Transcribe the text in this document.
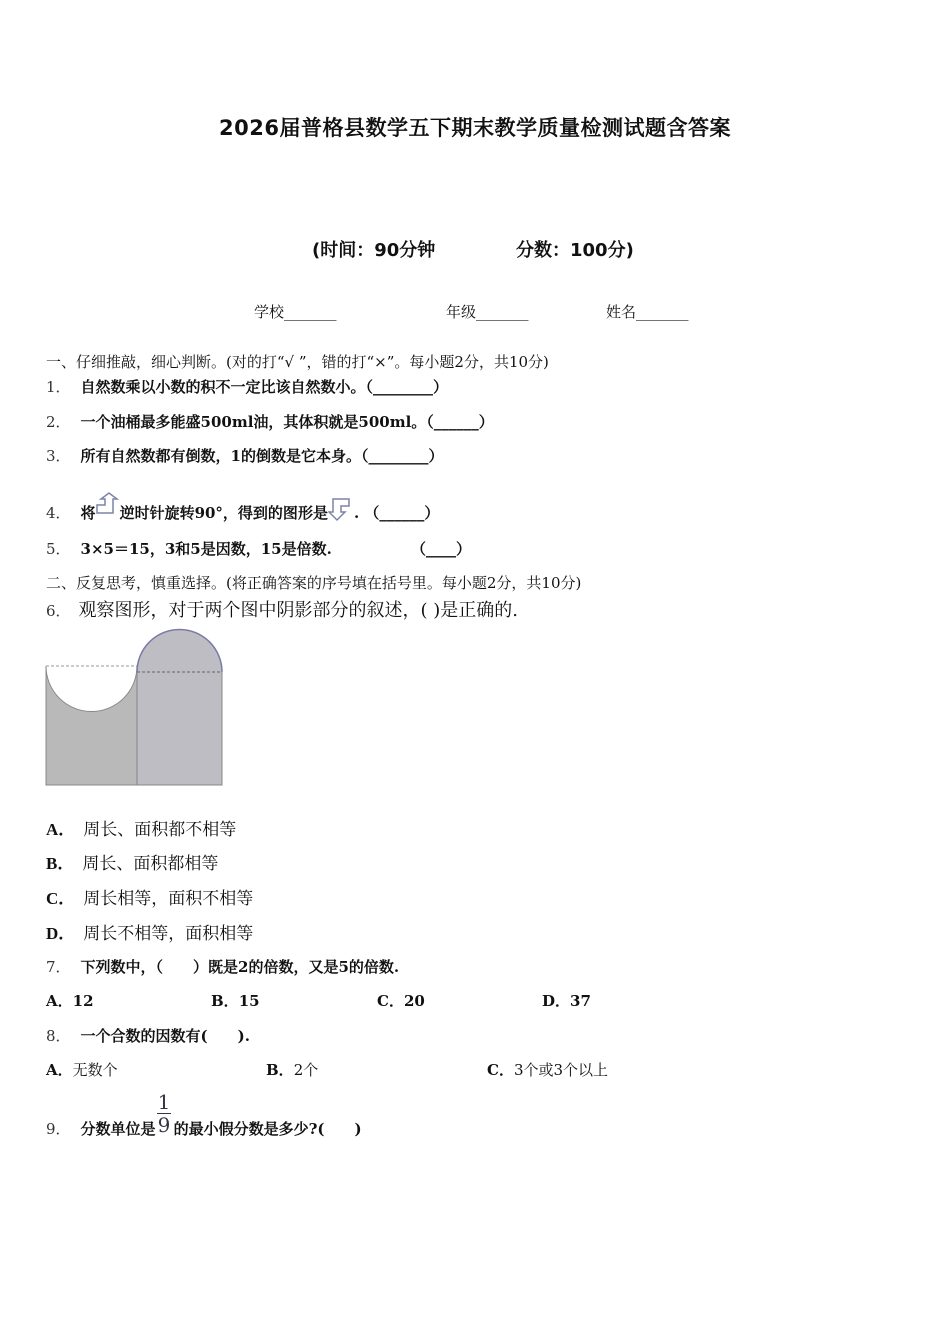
2026届普格县数学五下期末教学质量检测试题含答案
(时间：90分钟	分数：100分)
学校_______	年级_______	姓名_______
一、仔细推敲，细心判断。(对的打“√ ”，错的打“×”。每小题2分，共10分)
1． 自然数乘以小数的积不一定比该自然数小。（________）
2． 一个油桶最多能盛500ml油，其体积就是500ml。（______）
3． 所有自然数都有倒数，1的倒数是它本身。（________）
4． 将 逆时针旋转90°，得到的图形是 . （______）
5． 3×5＝15，3和5是因数，15是倍数.	（____）
二、反复思考，慎重选择。(将正确答案的序号填在括号里。每小题2分，共10分)
6． 观察图形，对于两个图中阴影部分的叙述，( )是正确的.
A． 周长、面积都不相等
B． 周长、面积都相等
C． 周长相等，面积不相等
D． 周长不相等，面积相等
7． 下列数中，（　　）既是2的倍数，又是5的倍数.
A．12	B．15	C．20	D．37
8． 一个合数的因数有(　　).
A．无数个	B．2个	C．3个或3个以上
9． 分数单位是 的最小假分数是多少?(　　)
1
9
